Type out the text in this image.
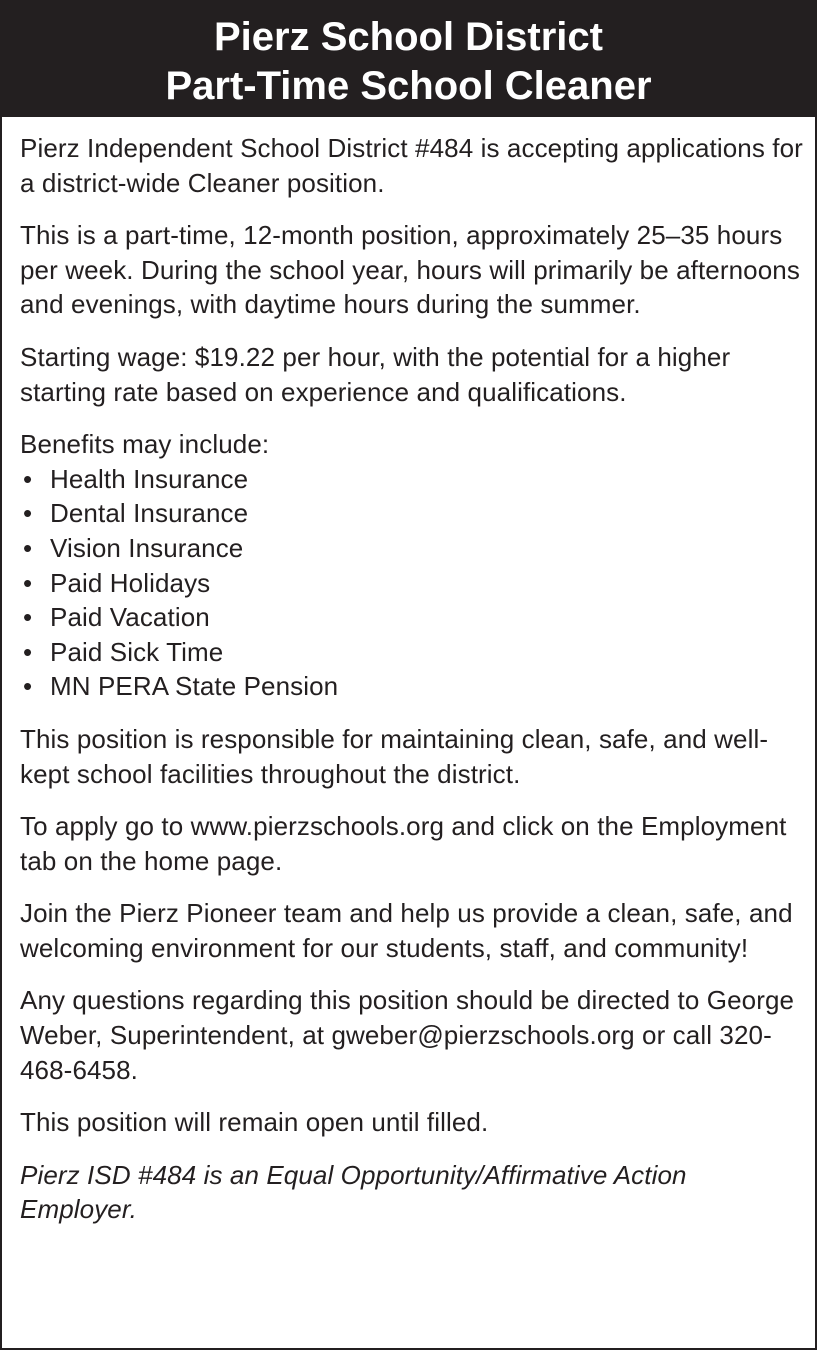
Pierz School District
Part-Time School Cleaner

Pierz Independent School District #484 is accepting applications for a district-wide Cleaner position.

This is a part-time, 12-month position, approximately 25–35 hours per week. During the school year, hours will primarily be afternoons and evenings, with daytime hours during the summer.

Starting wage: $19.22 per hour, with the potential for a higher starting rate based on experience and qualifications.

Benefits may include:
• Health Insurance
• Dental Insurance
• Vision Insurance
• Paid Holidays
• Paid Vacation
• Paid Sick Time
• MN PERA State Pension

This position is responsible for maintaining clean, safe, and well-kept school facilities throughout the district.

To apply go to www.pierzschools.org and click on the Employment tab on the home page.

Join the Pierz Pioneer team and help us provide a clean, safe, and welcoming environment for our students, staff, and community!

Any questions regarding this position should be directed to George Weber, Superintendent, at gweber@pierzschools.org or call 320-468-6458.

This position will remain open until filled.

Pierz ISD #484 is an Equal Opportunity/Affirmative Action Employer.
